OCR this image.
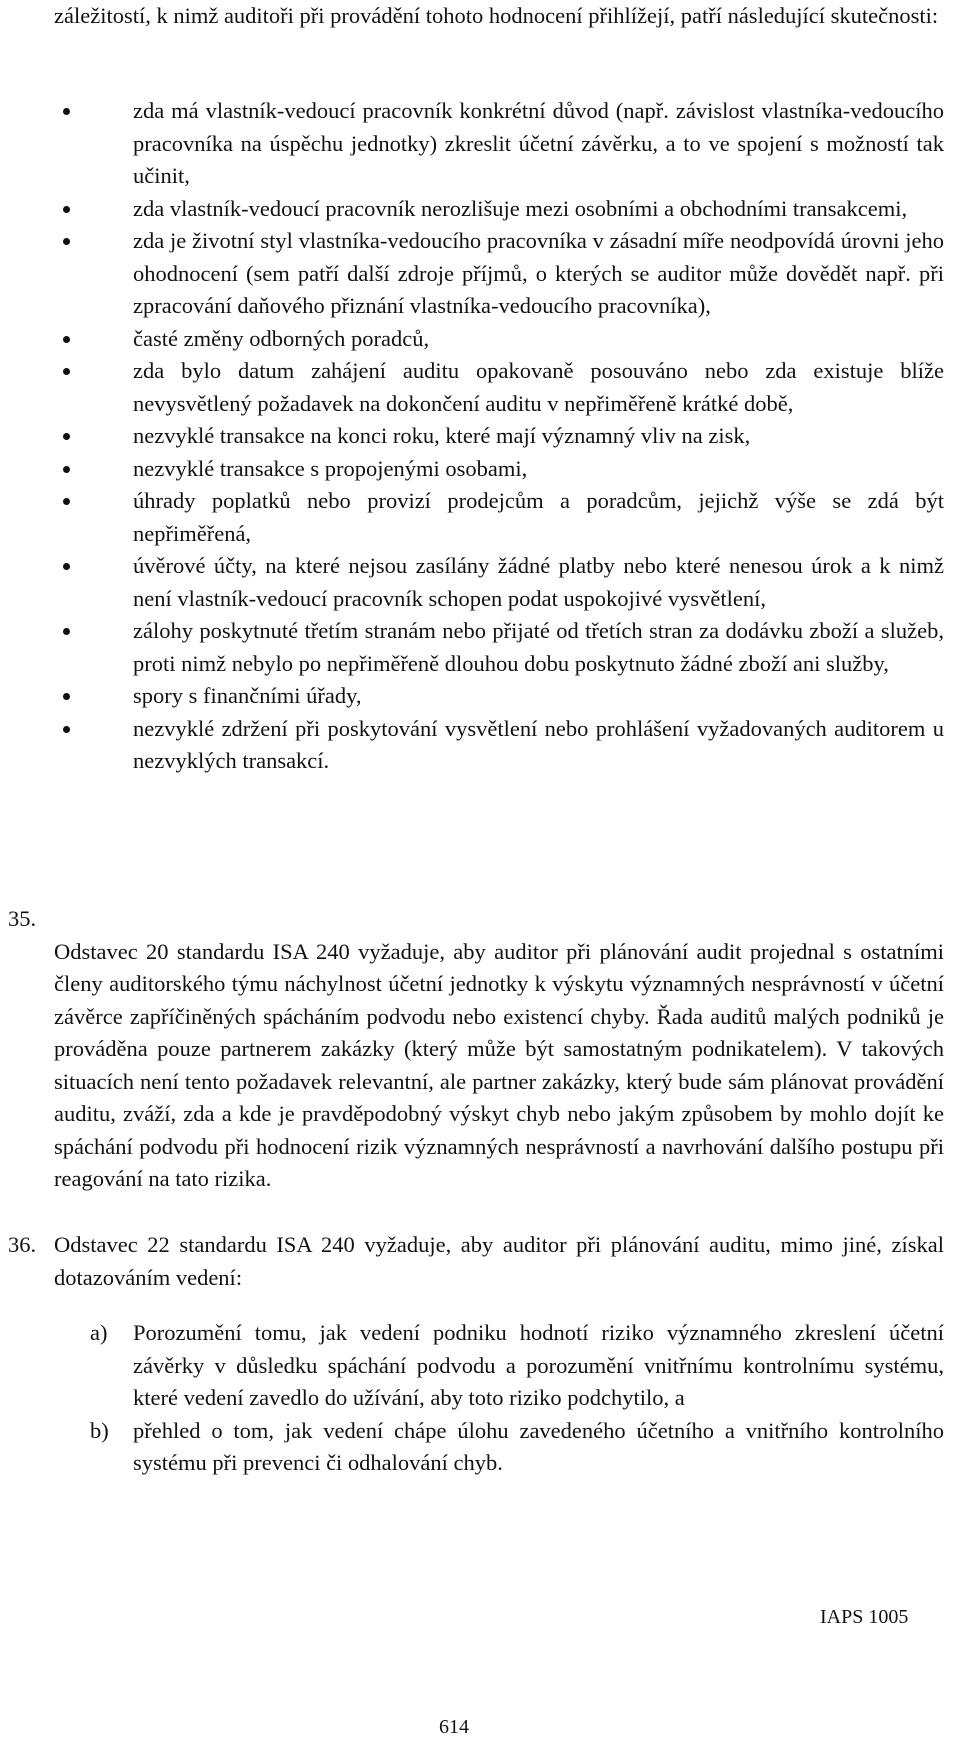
záležitostí, k nimž auditoři při provádění tohoto hodnocení přihlížejí, patří následující skutečnosti:
zda má vlastník-vedoucí pracovník konkrétní důvod (např. závislost vlastníka-vedoucího pracovníka na úspěchu jednotky) zkreslit účetní závěrku, a to ve spojení s možností tak učinit,
zda vlastník-vedoucí pracovník nerozlišuje mezi osobními a obchodními transakcemi,
zda je životní styl vlastníka-vedoucího pracovníka v zásadní míře neodpovídá úrovni jeho ohodnocení (sem patří další zdroje příjmů, o kterých se auditor může dovědět např. při zpracování daňového přiznání vlastníka-vedoucího pracovníka),
časté změny odborných poradců,
zda bylo datum zahájení auditu opakovaně posouváno nebo zda existuje blíže nevysvětlený požadavek na dokončení auditu v nepřiměřeně krátké době,
nezvyklé transakce na konci roku, které mají významný vliv na zisk,
nezvyklé transakce s propojenými osobami,
úhrady poplatků nebo provizí prodejcům a poradcům, jejichž výše se zdá být nepřiměřená,
úvěrové účty, na které nejsou zasílány žádné platby nebo které nenesou úrok a k nimž není vlastník-vedoucí pracovník schopen podat uspokojivé vysvětlení,
zálohy poskytnuté třetím stranám nebo přijaté od třetích stran za dodávku zboží a služeb, proti nimž nebylo po nepřiměřeně dlouhou dobu poskytnuto žádné zboží ani služby,
spory s finančními úřady,
nezvyklé zdržení při poskytování vysvětlení nebo prohlášení vyžadovaných auditorem u nezvyklých transakcí.
35.
Odstavec 20 standardu ISA 240 vyžaduje, aby auditor při plánování audit projednal s ostatními členy auditorského týmu náchylnost účetní jednotky k výskytu významných nesprávností v účetní závěrce zapříčiněných spácháním podvodu nebo existencí chyby. Řada auditů malých podniků je prováděna pouze partnerem zakázky (který může být samostatným podnikatelem). V takových situacích není tento požadavek relevantní, ale partner zakázky, který bude sám plánovat provádění auditu, zváží, zda a kde je pravděpodobný výskyt chyb nebo jakým způsobem by mohlo dojít ke spáchání podvodu při hodnocení rizik významných nesprávností a navrhování dalšího postupu při reagování na tato rizika.
36. Odstavec 22 standardu ISA 240 vyžaduje, aby auditor při plánování auditu, mimo jiné, získal dotazováním vedení:
a) Porozumění tomu, jak vedení podniku hodnotí riziko významného zkreslení účetní závěrky v důsledku spáchání podvodu a porozumění vnitřnímu kontrolnímu systému, které vedení zavedlo do užívání, aby toto riziko podchytilo, a
b) přehled o tom, jak vedení chápe úlohu zavedeného účetního a vnitřního kontrolního systému při prevenci či odhalování chyb.
IAPS 1005
614
